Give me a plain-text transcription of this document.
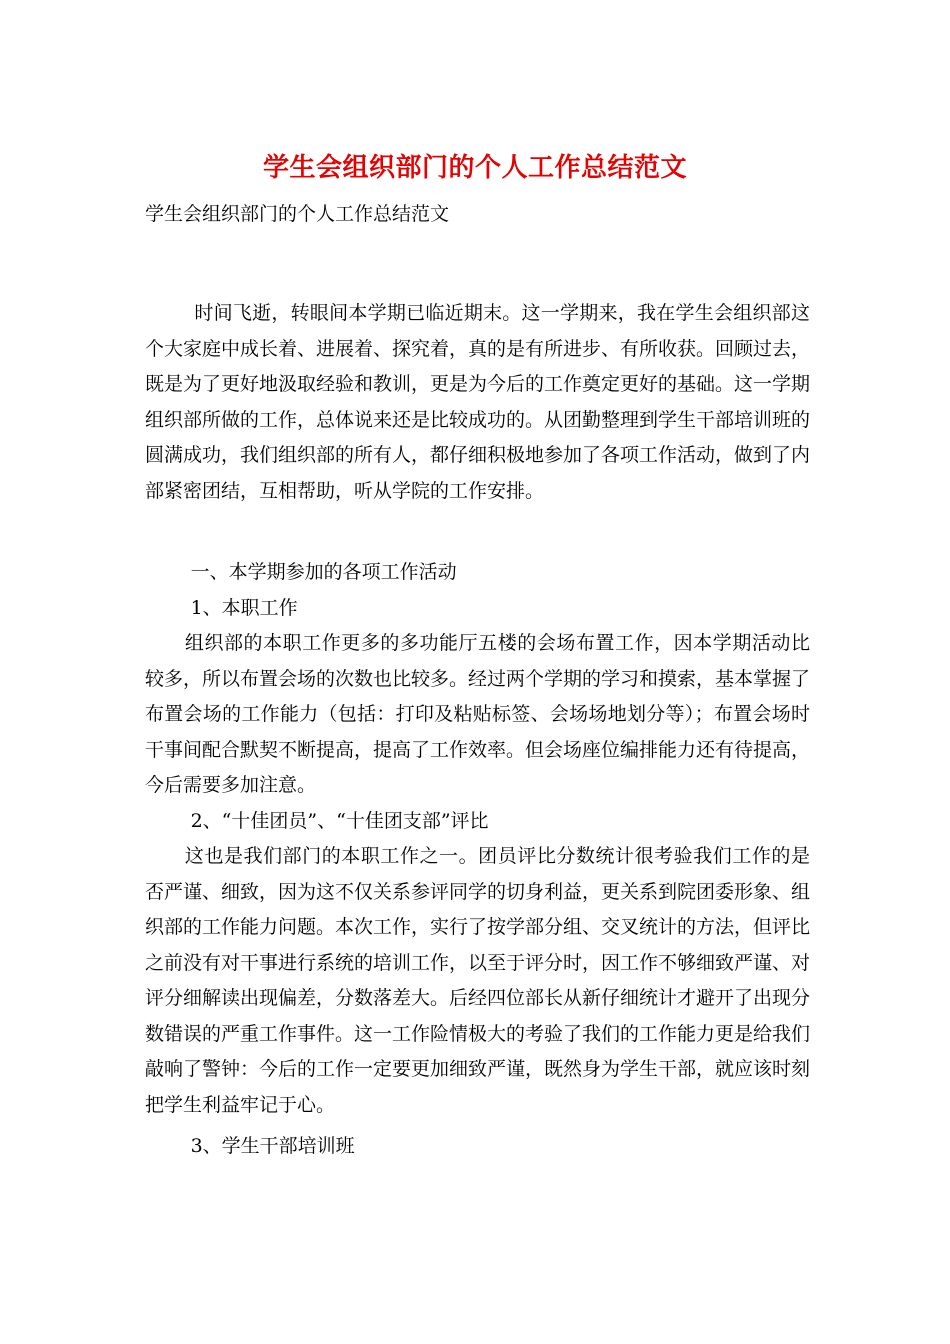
学生会组织部门的个人工作总结范文
学生会组织部门的个人工作总结范文

时间飞逝，转眼间本学期已临近期末。这一学期来，我在学生会组织部这个大家庭中成长着、进展着、探究着，真的是有所进步、有所收获。回顾过去，既是为了更好地汲取经验和教训，更是为今后的工作奠定更好的基础。这一学期组织部所做的工作，总体说来还是比较成功的。从团勤整理到学生干部培训班的圆满成功，我们组织部的所有人，都仔细积极地参加了各项工作活动，做到了内部紧密团结，互相帮助，听从学院的工作安排。

一、本学期参加的各项工作活动

1、本职工作

组织部的本职工作更多的多功能厅五楼的会场布置工作，因本学期活动比较多，所以布置会场的次数也比较多。经过两个学期的学习和摸索，基本掌握了布置会场的工作能力（包括：打印及粘贴标签、会场场地划分等）；布置会场时干事间配合默契不断提高，提高了工作效率。但会场座位编排能力还有待提高，今后需要多加注意。

2、“十佳团员”、“十佳团支部”评比

这也是我们部门的本职工作之一。团员评比分数统计很考验我们工作的是否严谨、细致，因为这不仅关系参评同学的切身利益，更关系到院团委形象、组织部的工作能力问题。本次工作，实行了按学部分组、交叉统计的方法，但评比之前没有对干事进行系统的培训工作，以至于评分时，因工作不够细致严谨、对评分细解读出现偏差，分数落差大。后经四位部长从新仔细统计才避开了出现分数错误的严重工作事件。这一工作险情极大的考验了我们的工作能力更是给我们敲响了警钟：今后的工作一定要更加细致严谨，既然身为学生干部，就应该时刻把学生利益牢记于心。

3、学生干部培训班
